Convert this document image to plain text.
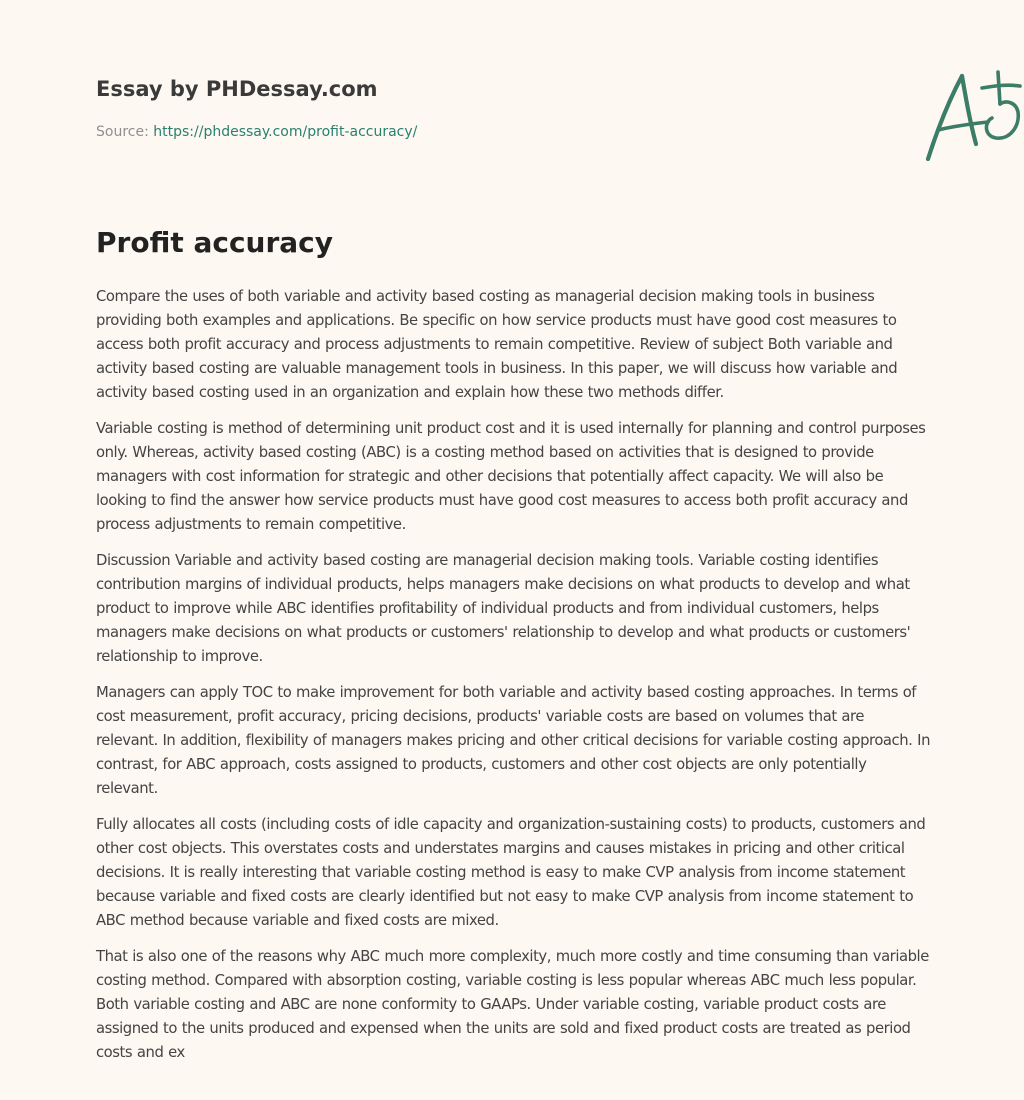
Essay by PHDessay.com
Source: https://phdessay.com/profit-accuracy/
Profit accuracy

Compare the uses of both variable and activity based costing as managerial decision making tools in business providing both examples and applications. Be specific on how service products must have good cost measures to access both profit accuracy and process adjustments to remain competitive. Review of subject Both variable and activity based costing are valuable management tools in business. In this paper, we will discuss how variable and activity based costing used in an organization and explain how these two methods differ.

Variable costing is method of determining unit product cost and it is used internally for planning and control purposes only. Whereas, activity based costing (ABC) is a costing method based on activities that is designed to provide managers with cost information for strategic and other decisions that potentially affect capacity. We will also be looking to find the answer how service products must have good cost measures to access both profit accuracy and process adjustments to remain competitive.

Discussion Variable and activity based costing are managerial decision making tools. Variable costing identifies contribution margins of individual products, helps managers make decisions on what products to develop and what product to improve while ABC identifies profitability of individual products and from individual customers, helps managers make decisions on what products or customers' relationship to develop and what products or customers' relationship to improve.

Managers can apply TOC to make improvement for both variable and activity based costing approaches. In terms of cost measurement, profit accuracy, pricing decisions, products' variable costs are based on volumes that are relevant. In addition, flexibility of managers makes pricing and other critical decisions for variable costing approach. In contrast, for ABC approach, costs assigned to products, customers and other cost objects are only potentially relevant.

Fully allocates all costs (including costs of idle capacity and organization-sustaining costs) to products, customers and other cost objects. This overstates costs and understates margins and causes mistakes in pricing and other critical decisions. It is really interesting that variable costing method is easy to make CVP analysis from income statement because variable and fixed costs are clearly identified but not easy to make CVP analysis from income statement to ABC method because variable and fixed costs are mixed.

That is also one of the reasons why ABC much more complexity, much more costly and time consuming than variable costing method. Compared with absorption costing, variable costing is less popular whereas ABC much less popular. Both variable costing and ABC are none conformity to GAAPs. Under variable costing, variable product costs are assigned to the units produced and expensed when the units are sold and fixed product costs are treated as period costs and ex
